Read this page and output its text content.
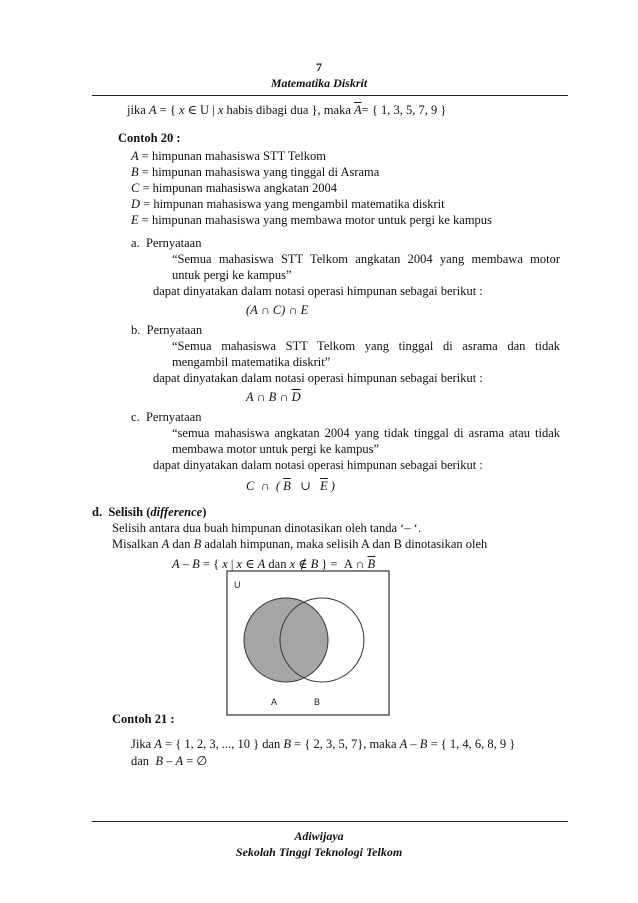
7
Matematika Diskrit
jika A = { x ∈ U | x habis dibagi dua }, maka $\overline{A}=$ { 1, 3, 5, 7, 9 }
Contoh 20 :
A = himpunan mahasiswa STT Telkom
B = himpunan mahasiswa yang tinggal di Asrama
C = himpunan mahasiswa angkatan 2004
D = himpunan mahasiswa yang mengambil matematika diskrit
E = himpunan mahasiswa yang membawa motor untuk pergi ke kampus
a. Pernyataan
“Semua mahasiswa STT Telkom angkatan 2004 yang membawa motor
untuk pergi ke kampus”
dapat dinyatakan dalam notasi operasi himpunan sebagai berikut :
(A ∩ C) ∩ E
b. Pernyataan
“Semua mahasiswa STT Telkom yang tinggal di asrama dan tidak
mengambil matematika diskrit”
dapat dinyatakan dalam notasi operasi himpunan sebagai berikut :
A ∩ B ∩ $\overline{D}$
c. Pernyataan
“semua mahasiswa angkatan 2004 yang tidak tinggal di asrama atau tidak
membawa motor untuk pergi ke kampus”
dapat dinyatakan dalam notasi operasi himpunan sebagai berikut :
C  ∩  ( $\overline{B}$   ∪   $\overline{E}$ )
d. Selisih (difference)
Selisih antara dua buah himpunan dinotasikan oleh tanda ‘– ‘.
Misalkan A dan B adalah himpunan, maka selisih A dan B dinotasikan oleh
A – B = { x | x ∈ A dan x ∉ B } =  A ∩ $\overline{B}$
U
A	B
Contoh 21 :
Jika A = { 1, 2, 3, ..., 10 } dan B = { 2, 3, 5, 7}, maka A – B = { 1, 4, 6, 8, 9 }
dan  B – A = ∅
Adiwijaya
Sekolah Tinggi Teknologi Telkom
